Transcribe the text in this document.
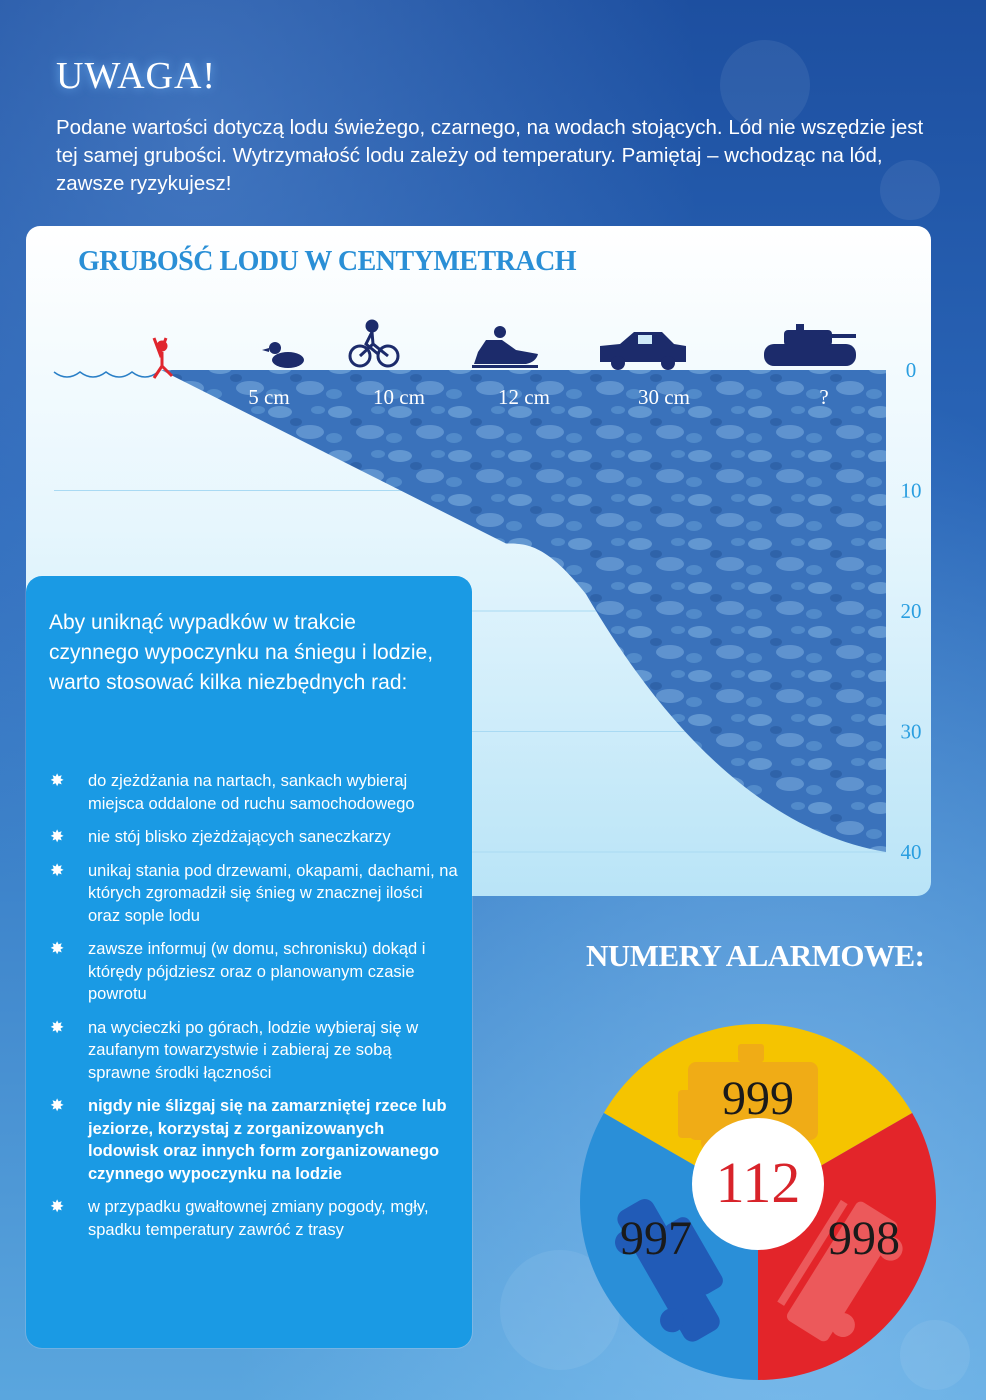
UWAGA!

Podane wartości dotyczą lodu świeżego, czarnego, na wodach stojących. Lód nie wszędzie jest tej samej grubości. Wytrzymałość lodu zależy od temperatury. Pamiętaj – wchodząc na lód, zawsze ryzykujesz!

GRUBOŚĆ LODU W CENTYMETRACH
5 cm	10 cm	12 cm	30 cm	?
0
10
20
30
40

Aby uniknąć wypadków w trakcie czynnego wypoczynku na śniegu i lodzie, warto stosować kilka niezbędnych rad:

✸ do zjeżdżania na nartach, sankach wybieraj miejsca oddalone od ruchu samochodowego
✸ nie stój blisko zjeżdżających saneczkarzy
✸ unikaj stania pod drzewami, okapami, dachami, na których zgromadził się śnieg w znacznej ilości oraz sople lodu
✸ zawsze informuj (w domu, schronisku) dokąd i którędy pójdziesz oraz o planowanym czasie powrotu
✸ na wycieczki po górach, lodzie wybieraj się w zaufanym towarzystwie i zabieraj ze sobą sprawne środki łączności
✸ nigdy nie ślizgaj się na zamarzniętej rzece lub jeziorze, korzystaj z zorganizowanych lodowisk oraz innych form zorganizowanego czynnego wypoczynku na lodzie
✸ w przypadku gwałtownej zmiany pogody, mgły, spadku temperatury zawróć z trasy
NUMERY ALARMOWE:
999
112
997	998
